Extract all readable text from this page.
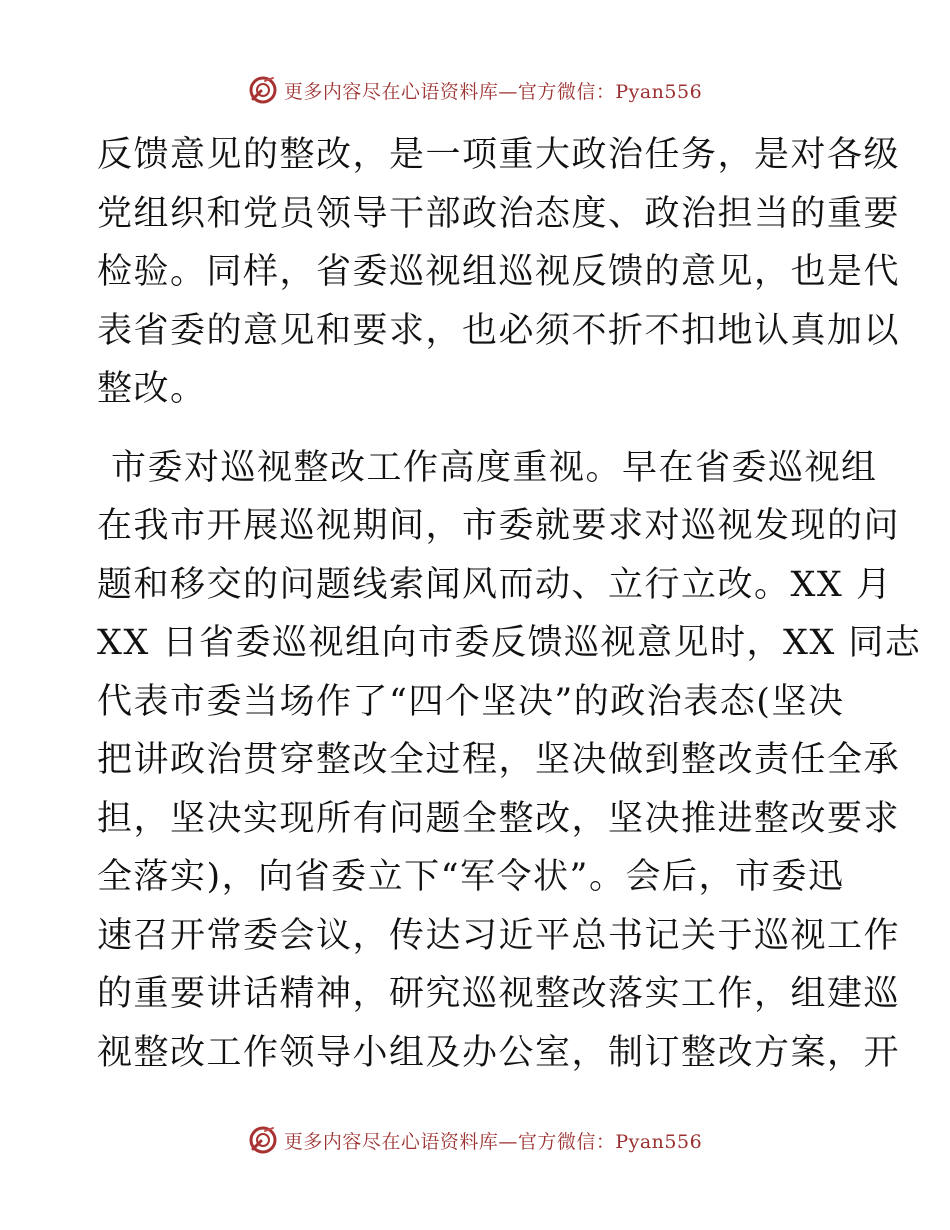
更多内容尽在心语资料库—官方微信：Pyan556

反馈意见的整改，是一项重大政治任务，是对各级
党组织和党员领导干部政治态度、政治担当的重要
检验。同样，省委巡视组巡视反馈的意见，也是代
表省委的意见和要求，也必须不折不扣地认真加以
整改。

市委对巡视整改工作高度重视。早在省委巡视组
在我市开展巡视期间，市委就要求对巡视发现的问
题和移交的问题线索闻风而动、立行立改。XX 月
XX 日省委巡视组向市委反馈巡视意见时，XX 同志
代表市委当场作了“四个坚决”的政治表态(坚决
把讲政治贯穿整改全过程，坚决做到整改责任全承
担，坚决实现所有问题全整改，坚决推进整改要求
全落实)，向省委立下“军令状”。会后，市委迅
速召开常委会议，传达习近平总书记关于巡视工作
的重要讲话精神，研究巡视整改落实工作，组建巡
视整改工作领导小组及办公室，制订整改方案，开

更多内容尽在心语资料库—官方微信：Pyan556
